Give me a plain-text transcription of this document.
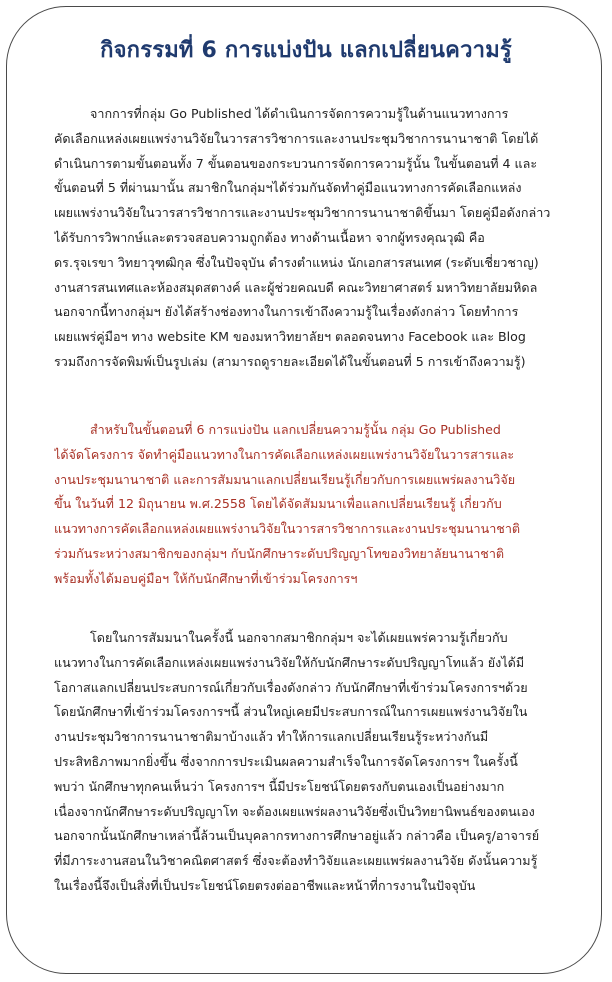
กิจกรรมที่ 6 การแบ่งปัน แลกเปลี่ยนความรู้
จากการที่กลุ่ม Go Published ได้ดำเนินการจัดการความรู้ในด้านแนวทางการ
คัดเลือกแหล่งเผยแพร่งานวิจัยในวารสารวิชาการและงานประชุมวิชาการนานาชาติ โดยได้
ดำเนินการตามขั้นตอนทั้ง 7 ขั้นตอนของกระบวนการจัดการความรู้นั้น ในขั้นตอนที่ 4 และ
ขั้นตอนที่ 5 ที่ผ่านมานั้น สมาชิกในกลุ่มฯได้ร่วมกันจัดทำคู่มือแนวทางการคัดเลือกแหล่ง
เผยแพร่งานวิจัยในวารสารวิชาการและงานประชุมวิชาการนานาชาติขึ้นมา โดยคู่มือดังกล่าว
ได้รับการวิพากษ์และตรวจสอบความถูกต้อง ทางด้านเนื้อหา จากผู้ทรงคุณวุฒิ คือ
ดร.รุจเรขา วิทยาวุฑฒิกุล ซึ่งในปัจจุบัน ดำรงตำแหน่ง นักเอกสารสนเทศ (ระดับเชี่ยวชาญ)
งานสารสนเทศและห้องสมุดสตางค์ และผู้ช่วยคณบดี คณะวิทยาศาสตร์ มหาวิทยาลัยมหิดล
นอกจากนี้ทางกลุ่มฯ ยังได้สร้างช่องทางในการเข้าถึงความรู้ในเรื่องดังกล่าว โดยทำการ
เผยแพร่คู่มือฯ ทาง website KM ของมหาวิทยาลัยฯ ตลอดจนทาง Facebook และ Blog
รวมถึงการจัดพิมพ์เป็นรูปเล่ม (สามารถดูรายละเอียดได้ในขั้นตอนที่ 5 การเข้าถึงความรู้)
สำหรับในขั้นตอนที่ 6 การแบ่งปัน แลกเปลี่ยนความรู้นั้น กลุ่ม Go Published
ได้จัดโครงการ จัดทำคู่มือแนวทางในการคัดเลือกแหล่งเผยแพร่งานวิจัยในวารสารและ
งานประชุมนานาชาติ และการสัมมนาแลกเปลี่ยนเรียนรู้เกี่ยวกับการเผยแพร่ผลงานวิจัย
ขึ้น ในวันที่ 12 มิถุนายน พ.ศ.2558 โดยได้จัดสัมมนาเพื่อแลกเปลี่ยนเรียนรู้ เกี่ยวกับ
แนวทางการคัดเลือกแหล่งเผยแพร่งานวิจัยในวารสารวิชาการและงานประชุมนานาชาติ
ร่วมกันระหว่างสมาชิกของกลุ่มฯ กับนักศึกษาระดับปริญญาโทของวิทยาลัยนานาชาติ
พร้อมทั้งได้มอบคู่มือฯ ให้กับนักศึกษาที่เข้าร่วมโครงการฯ
โดยในการสัมมนาในครั้งนี้ นอกจากสมาชิกกลุ่มฯ จะได้เผยแพร่ความรู้เกี่ยวกับ
แนวทางในการคัดเลือกแหล่งเผยแพร่งานวิจัยให้กับนักศึกษาระดับปริญญาโทแล้ว ยังได้มี
โอกาสแลกเปลี่ยนประสบการณ์เกี่ยวกับเรื่องดังกล่าว กับนักศึกษาที่เข้าร่วมโครงการฯด้วย
โดยนักศึกษาที่เข้าร่วมโครงการฯนี้ ส่วนใหญ่เคยมีประสบการณ์ในการเผยแพร่งานวิจัยใน
งานประชุมวิชาการนานาชาติมาบ้างแล้ว ทำให้การแลกเปลี่ยนเรียนรู้ระหว่างกันมี
ประสิทธิภาพมากยิ่งขึ้น ซึ่งจากการประเมินผลความสำเร็จในการจัดโครงการฯ ในครั้งนี้
พบว่า นักศึกษาทุกคนเห็นว่า โครงการฯ นี้มีประโยชน์โดยตรงกับตนเองเป็นอย่างมาก
เนื่องจากนักศึกษาระดับปริญญาโท จะต้องเผยแพร่ผลงานวิจัยซึ่งเป็นวิทยานิพนธ์ของตนเอง
นอกจากนั้นนักศึกษาเหล่านี้ล้วนเป็นบุคลากรทางการศึกษาอยู่แล้ว กล่าวคือ เป็นครู/อาจารย์
ที่มีภาระงานสอนในวิชาคณิตศาสตร์ ซึ่งจะต้องทำวิจัยและเผยแพร่ผลงานวิจัย ดังนั้นความรู้
ในเรื่องนี้จึงเป็นสิ่งที่เป็นประโยชน์โดยตรงต่ออาชีพและหน้าที่การงานในปัจจุบัน
